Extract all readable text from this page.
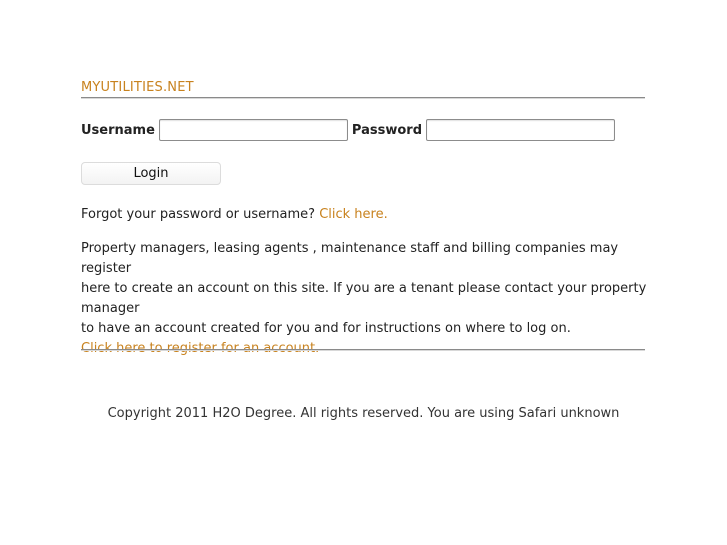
MYUTILITIES.NET
Username	Password
Login
Forgot your password or username? Click here.

Property managers, leasing agents , maintenance staff and billing companies may register

here to create an account on this site. If you are a tenant please contact your property manager

to have an account created for you and for instructions on where to log on.

Click here to register for an account.

Copyright 2011 H2O Degree. All rights reserved. You are using Safari unknown
